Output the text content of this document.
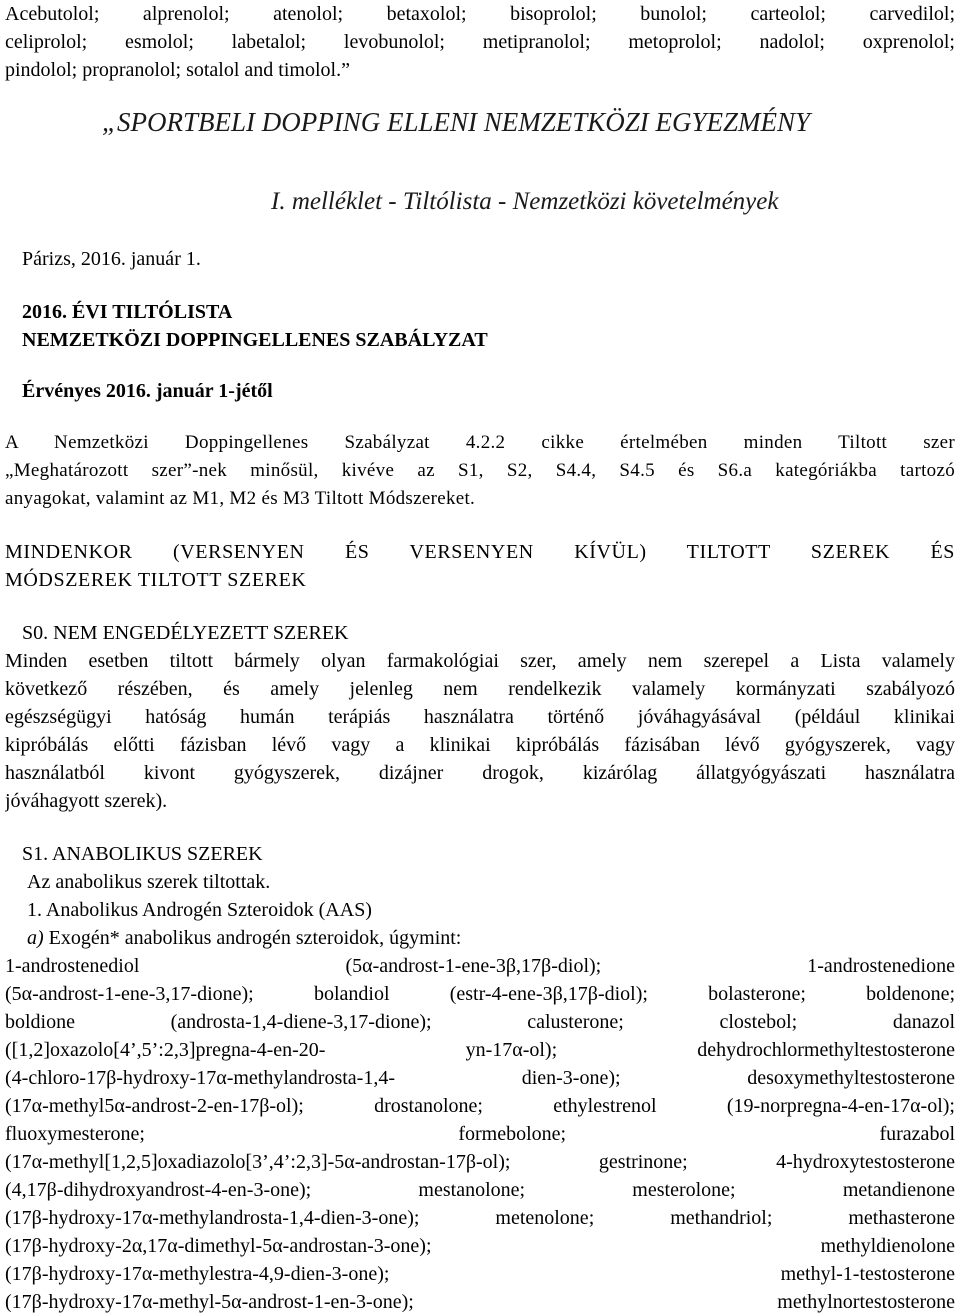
Acebutolol; alprenolol; atenolol; betaxolol; bisoprolol; bunolol; carteolol; carvedilol;
celiprolol; esmolol; labetalol; levobunolol; metipranolol; metoprolol; nadolol; oxprenolol;
pindolol; propranolol; sotalol and timolol.”
„SPORTBELI DOPPING ELLENI NEMZETKÖZI EGYEZMÉNY
I. melléklet - Tiltólista - Nemzetközi követelmények
Párizs, 2016. január 1.
2016. ÉVI TILTÓLISTA
NEMZETKÖZI DOPPINGELLENES SZABÁLYZAT
Érvényes 2016. január 1-jétől
A Nemzetközi Doppingellenes Szabályzat 4.2.2 cikke értelmében minden Tiltott szer
„Meghatározott szer”-nek minősül, kivéve az S1, S2, S4.4, S4.5 és S6.a kategóriákba tartozó
anyagokat, valamint az M1, M2 és M3 Tiltott Módszereket.
MINDENKOR (VERSENYEN ÉS VERSENYEN KÍVÜL) TILTOTT SZEREK ÉS
MÓDSZEREK TILTOTT SZEREK
S0. NEM ENGEDÉLYEZETT SZEREK
Minden esetben tiltott bármely olyan farmakológiai szer, amely nem szerepel a Lista valamely
következő részében, és amely jelenleg nem rendelkezik valamely kormányzati szabályozó
egészségügyi hatóság humán terápiás használatra történő jóváhagyásával (például klinikai
kipróbálás előtti fázisban lévő vagy a klinikai kipróbálás fázisában lévő gyógyszerek, vagy
használatból kivont gyógyszerek, dizájner drogok, kizárólag állatgyógyászati használatra
jóváhagyott szerek).
S1. ANABOLIKUS SZEREK
Az anabolikus szerek tiltottak.
1. Anabolikus Androgén Szteroidok (AAS)
a) Exogén* anabolikus androgén szteroidok, úgymint:
1-androstenediol (5α-androst-1-ene-3β,17β-diol); 1-androstenedione
(5α-androst-1-ene-3,17-dione); bolandiol (estr-4-ene-3β,17β-diol); bolasterone; boldenone;
boldione (androsta-1,4-diene-3,17-dione); calusterone; clostebol; danazol
([1,2]oxazolo[4’,5’:2,3]pregna-4-en-20- yn-17α-ol); dehydrochlormethyltestosterone
(4-chloro-17β-hydroxy-17α-methylandrosta-1,4- dien-3-one); desoxymethyltestosterone
(17α-methyl5α-androst-2-en-17β-ol); drostanolone; ethylestrenol (19-norpregna-4-en-17α-ol);
fluoxymesterone; formebolone; furazabol
(17α-methyl[1,2,5]oxadiazolo[3’,4’:2,3]-5α-androstan-17β-ol); gestrinone; 4-hydroxytestosterone
(4,17β-dihydroxyandrost-4-en-3-one); mestanolone; mesterolone; metandienone
(17β-hydroxy-17α-methylandrosta-1,4-dien-3-one); metenolone; methandriol; methasterone
(17β-hydroxy-2α,17α-dimethyl-5α-androstan-3-one); methyldienolone
(17β-hydroxy-17α-methylestra-4,9-dien-3-one); methyl-1-testosterone
(17β-hydroxy-17α-methyl-5α-androst-1-en-3-one); methylnortestosterone
